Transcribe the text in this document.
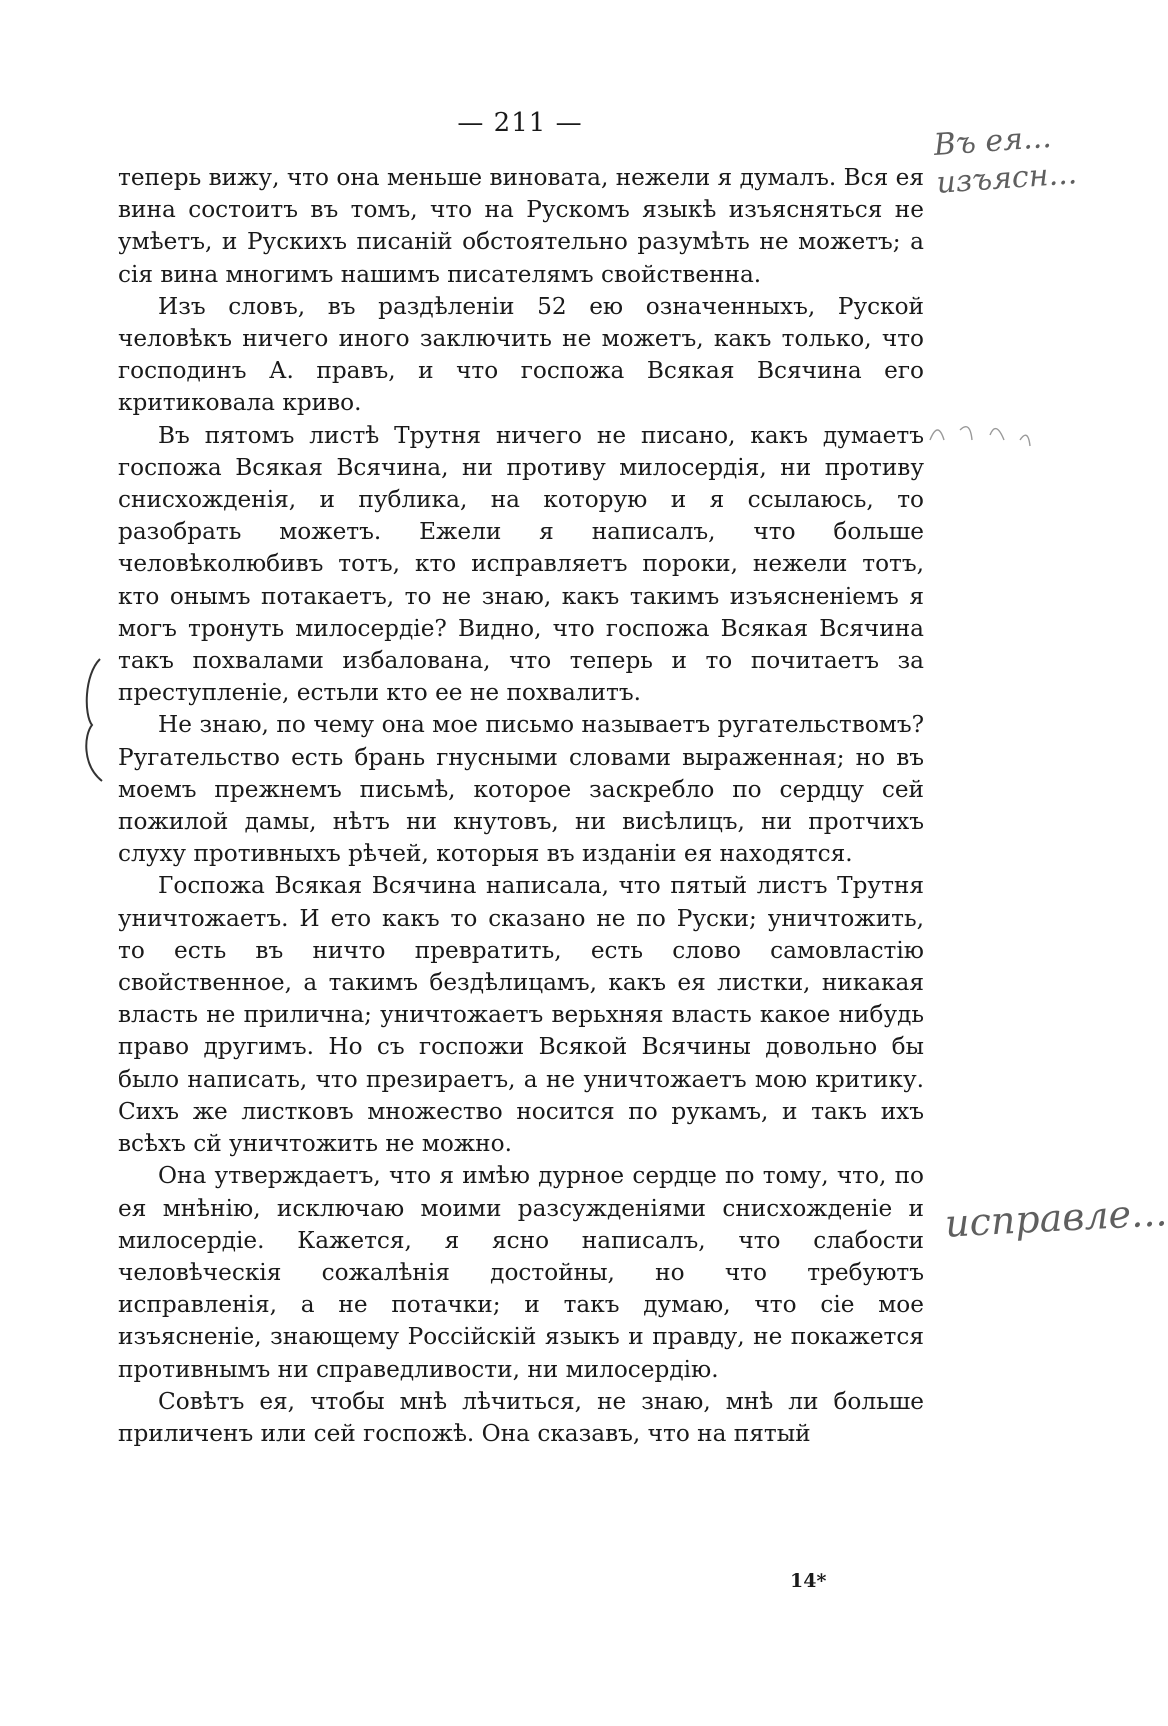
— 211 —

теперь вижу, что она меньше виновата, нежели я думалъ. Вся ея вина состоитъ въ томъ, что на Рускомъ языкѣ изъясняться не умѣетъ, и Рускихъ писаній обстоятельно разумѣть не можетъ; а сія вина многимъ нашимъ писателямъ свойственна.

Изъ словъ, въ раздѣленіи 52 ею означенныхъ, Руской человѣкъ ничего иного заключить не можетъ, какъ только, что господинъ А. правъ, и что госпожа Всякая Всячина его критиковала криво.

Въ пятомъ листѣ Трутня ничего не писано, какъ думаетъ госпожа Всякая Всячина, ни противу милосердія, ни противу снисхожденія, и публика, на которую и я ссылаюсь, то разобрать можетъ. Ежели я написалъ, что больше человѣколюбивъ тотъ, кто исправляетъ пороки, нежели тотъ, кто онымъ потакаетъ, то не знаю, какъ такимъ изъясненіемъ я могъ тронуть милосердіе? Видно, что госпожа Всякая Всячина такъ похвалами избалована, что теперь и то почитаетъ за преступленіе, естьли кто ее не похвалитъ.

Не знаю, по чему она мое письмо называетъ ругательствомъ? Ругательство есть брань гнусными словами выраженная; но въ моемъ прежнемъ письмѣ, которое заскребло по сердцу сей пожилой дамы, нѣтъ ни кнутовъ, ни висѣлицъ, ни протчихъ слуху противныхъ рѣчей, которыя въ изданіи ея находятся.

Госпожа Всякая Всячина написала, что пятый листъ Трутня уничтожаетъ. И ето какъ то сказано не по Руски; уничтожить, то есть въ ничто превратить, есть слово самовластію свойственное, а такимъ бездѣлицамъ, какъ ея листки, никакая власть не прилична; уничтожаетъ верьхняя власть какое нибудь право другимъ. Но съ госпожи Всякой Всячины довольно бы было написать, что презираетъ, а не уничтожаетъ мою критику. Сихъ же листковъ множество носится по рукамъ, и такъ ихъ всѣхъ сй уничтожить не можно.

Она утверждаетъ, что я имѣю дурное сердце по тому, что, по ея мнѣнію, исключаю моими разсужденіями снисхожденіе и милосердіе. Кажется, я ясно написалъ, что слабости человѣческія сожалѣнія достойны, но что требуютъ исправленія, а не потачки; и такъ думаю, что сіе мое изъясненіе, знающему Россійскій языкъ и правду, не покажется противнымъ ни справедливости, ни милосердію.

Совѣтъ ея, чтобы мнѣ лѣчиться, не знаю, мнѣ ли больше приличенъ или сей госпожѣ. Она сказавъ, что на пятый

14*
Въ ея... изъясн...
исправле...
